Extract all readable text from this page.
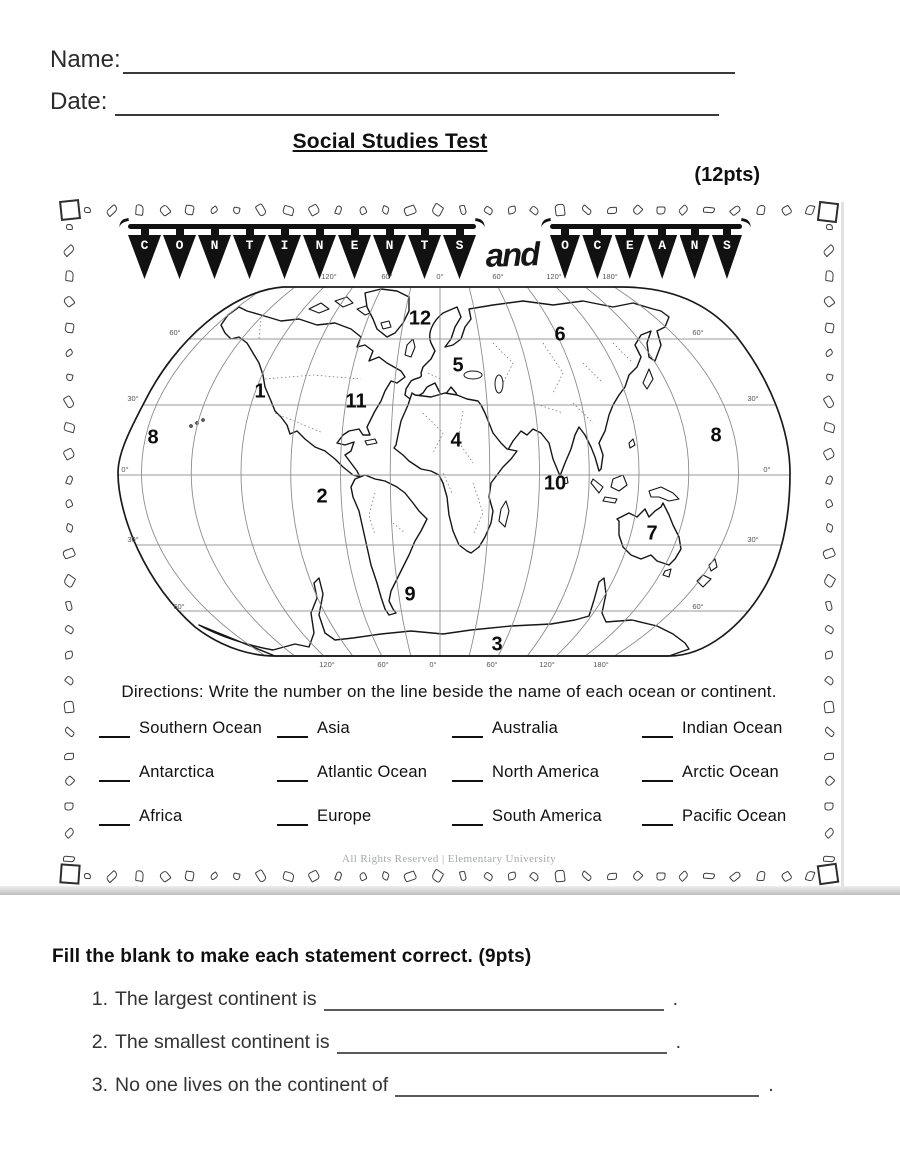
Name:
Date:
Social Studies Test
(12pts)
C	O	N	T	I	N	E	N	T	S and	O	C	E	A	N	S
120°	60°	0°	60°	120°	180°
120°	60°	0°	60°	120°	180°
60°
30°
0°
30°
60°
60°
30°
0°
30°
60°
1
2
3
4
5
6
7
8	8
9
10
11
12
Directions: Write the number on the line beside the name of each ocean or continent.
Southern Ocean	Asia	Australia	Indian Ocean
Antarctica	Atlantic Ocean	North America	Arctic Ocean
Africa	Europe	South America	Pacific Ocean
All Rights Reserved | Elementary University
Fill the blank to make each statement correct. (9pts)
1. The largest continent is	.
2. The smallest continent is	.
3. No one lives on the continent of	.
